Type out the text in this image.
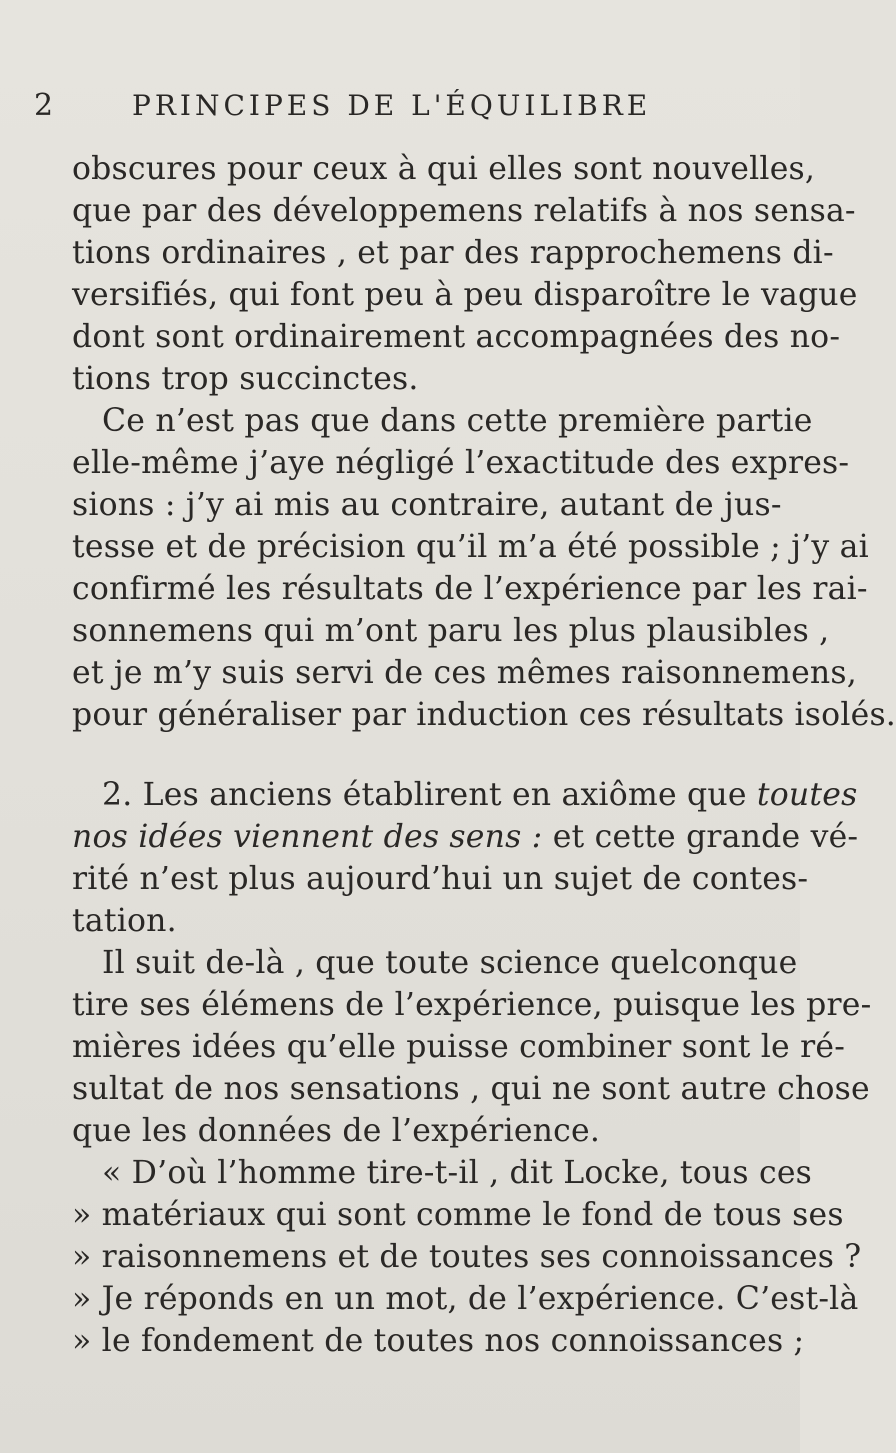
2	PRINCIPES DE L'ÉQUILIBRE
obscures pour ceux à qui elles sont nouvelles,
que par des développemens relatifs à nos sensa-
tions ordinaires , et par des rapprochemens di-
versifiés, qui font peu à peu disparoître le vague
dont sont ordinairement accompagnées des no-
tions trop succinctes.
Ce n’est pas que dans cette première partie
elle-même j’aye négligé l’exactitude des expres-
sions : j’y ai mis au contraire, autant de jus-
tesse et de précision qu’il m’a été possible ; j’y ai
confirmé les résultats de l’expérience par les rai-
sonnemens qui m’ont paru les plus plausibles ,
et je m’y suis servi de ces mêmes raisonnemens,
pour généraliser par induction ces résultats isolés.
2. Les anciens établirent en axiôme que toutes
nos idées viennent des sens : et cette grande vé-
rité n’est plus aujourd’hui un sujet de contes-
tation.
Il suit de-là , que toute science quelconque
tire ses élémens de l’expérience, puisque les pre-
mières idées qu’elle puisse combiner sont le ré-
sultat de nos sensations , qui ne sont autre chose
que les données de l’expérience.
« D’où l’homme tire-t-il , dit Locke, tous ces
» matériaux qui sont comme le fond de tous ses
» raisonnemens et de toutes ses connoissances ?
» Je réponds en un mot, de l’expérience. C’est-là
» le fondement de toutes nos connoissances ;
